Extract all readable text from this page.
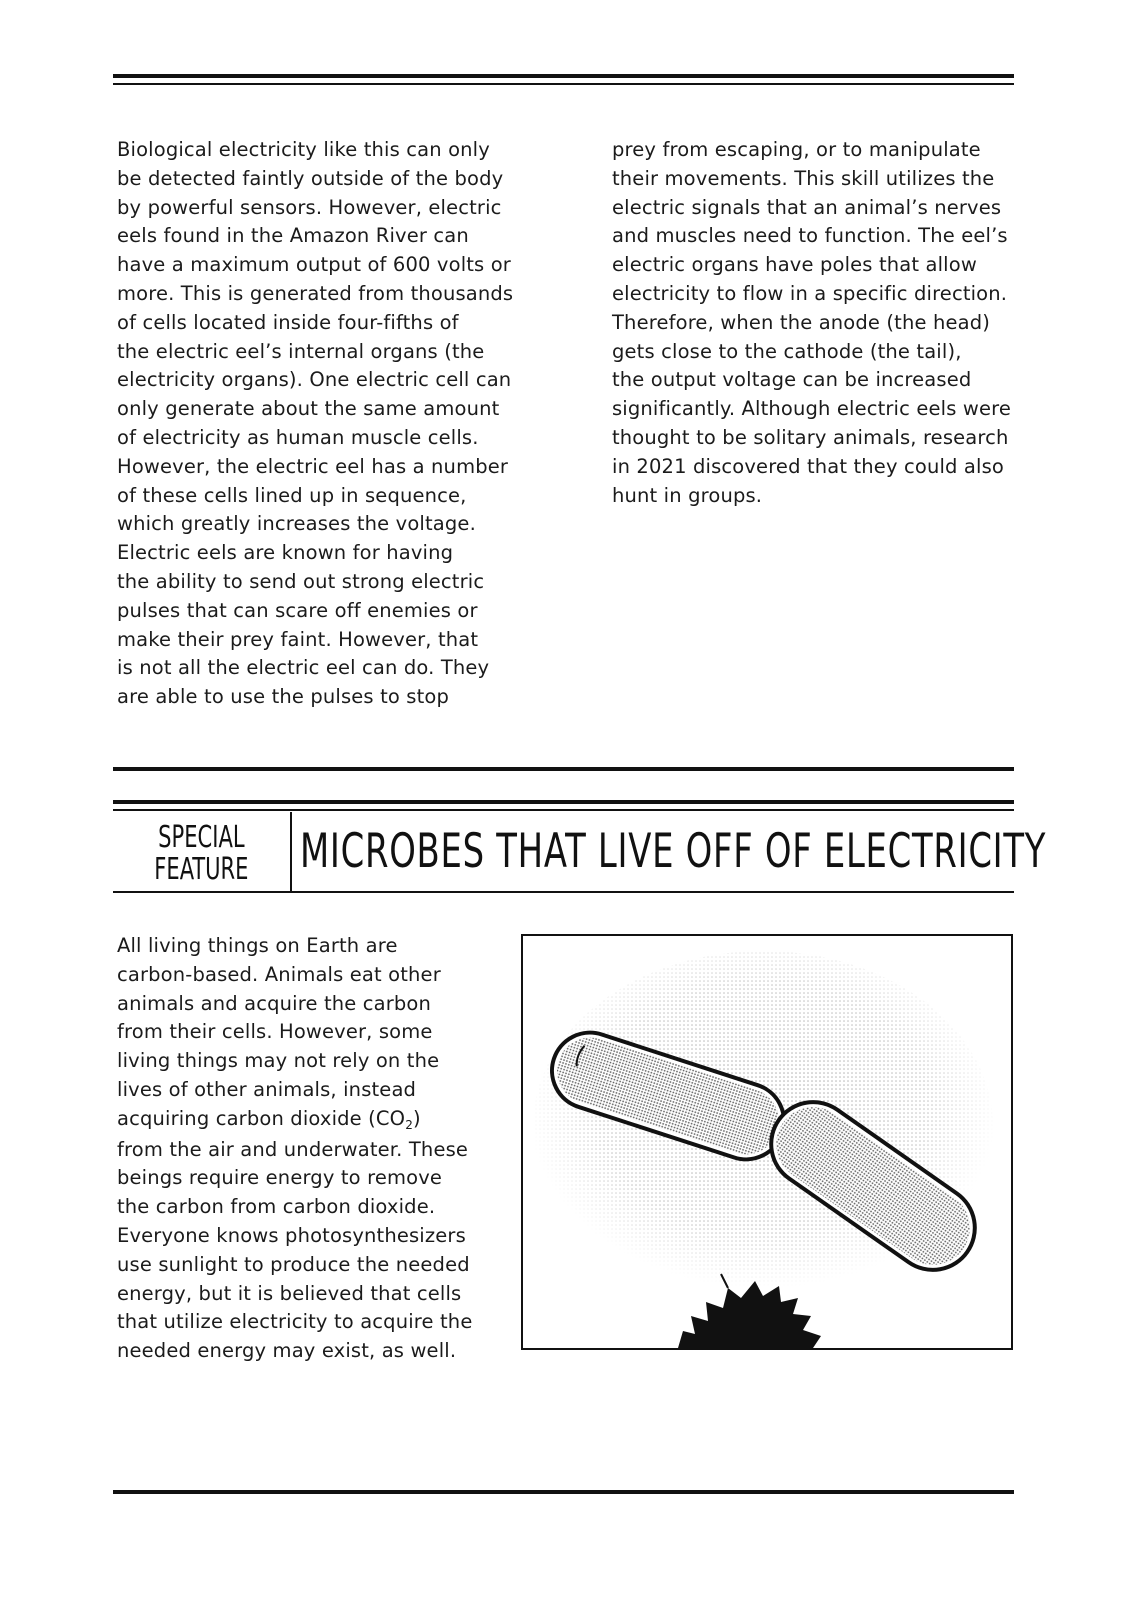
Biological electricity like this can only
be detected faintly outside of the body
by powerful sensors. However, electric
eels found in the Amazon River can
have a maximum output of 600 volts or
more. This is generated from thousands
of cells located inside four-fifths of
the electric eel’s internal organs (the
electricity organs). One electric cell can
only generate about the same amount
of electricity as human muscle cells.
However, the electric eel has a number
of these cells lined up in sequence,
which greatly increases the voltage.
Electric eels are known for having
the ability to send out strong electric
pulses that can scare off enemies or
make their prey faint. However, that
is not all the electric eel can do. They
are able to use the pulses to stop
prey from escaping, or to manipulate
their movements. This skill utilizes the
electric signals that an animal’s nerves
and muscles need to function. The eel’s
electric organs have poles that allow
electricity to flow in a specific direction.
Therefore, when the anode (the head)
gets close to the cathode (the tail),
the output voltage can be increased
significantly. Although electric eels were
thought to be solitary animals, research
in 2021 discovered that they could also
hunt in groups.
SPECIAL
FEATURE MICROBES THAT LIVE OFF OF ELECTRICITY
All living things on Earth are
carbon-based. Animals eat other
animals and acquire the carbon
from their cells. However, some
living things may not rely on the
lives of other animals, instead
acquiring carbon dioxide $(CO_2)$
from the air and underwater. These
beings require energy to remove
the carbon from carbon dioxide.
Everyone knows photosynthesizers
use sunlight to produce the needed
energy, but it is believed that cells
that utilize electricity to acquire the
needed energy may exist, as well.
